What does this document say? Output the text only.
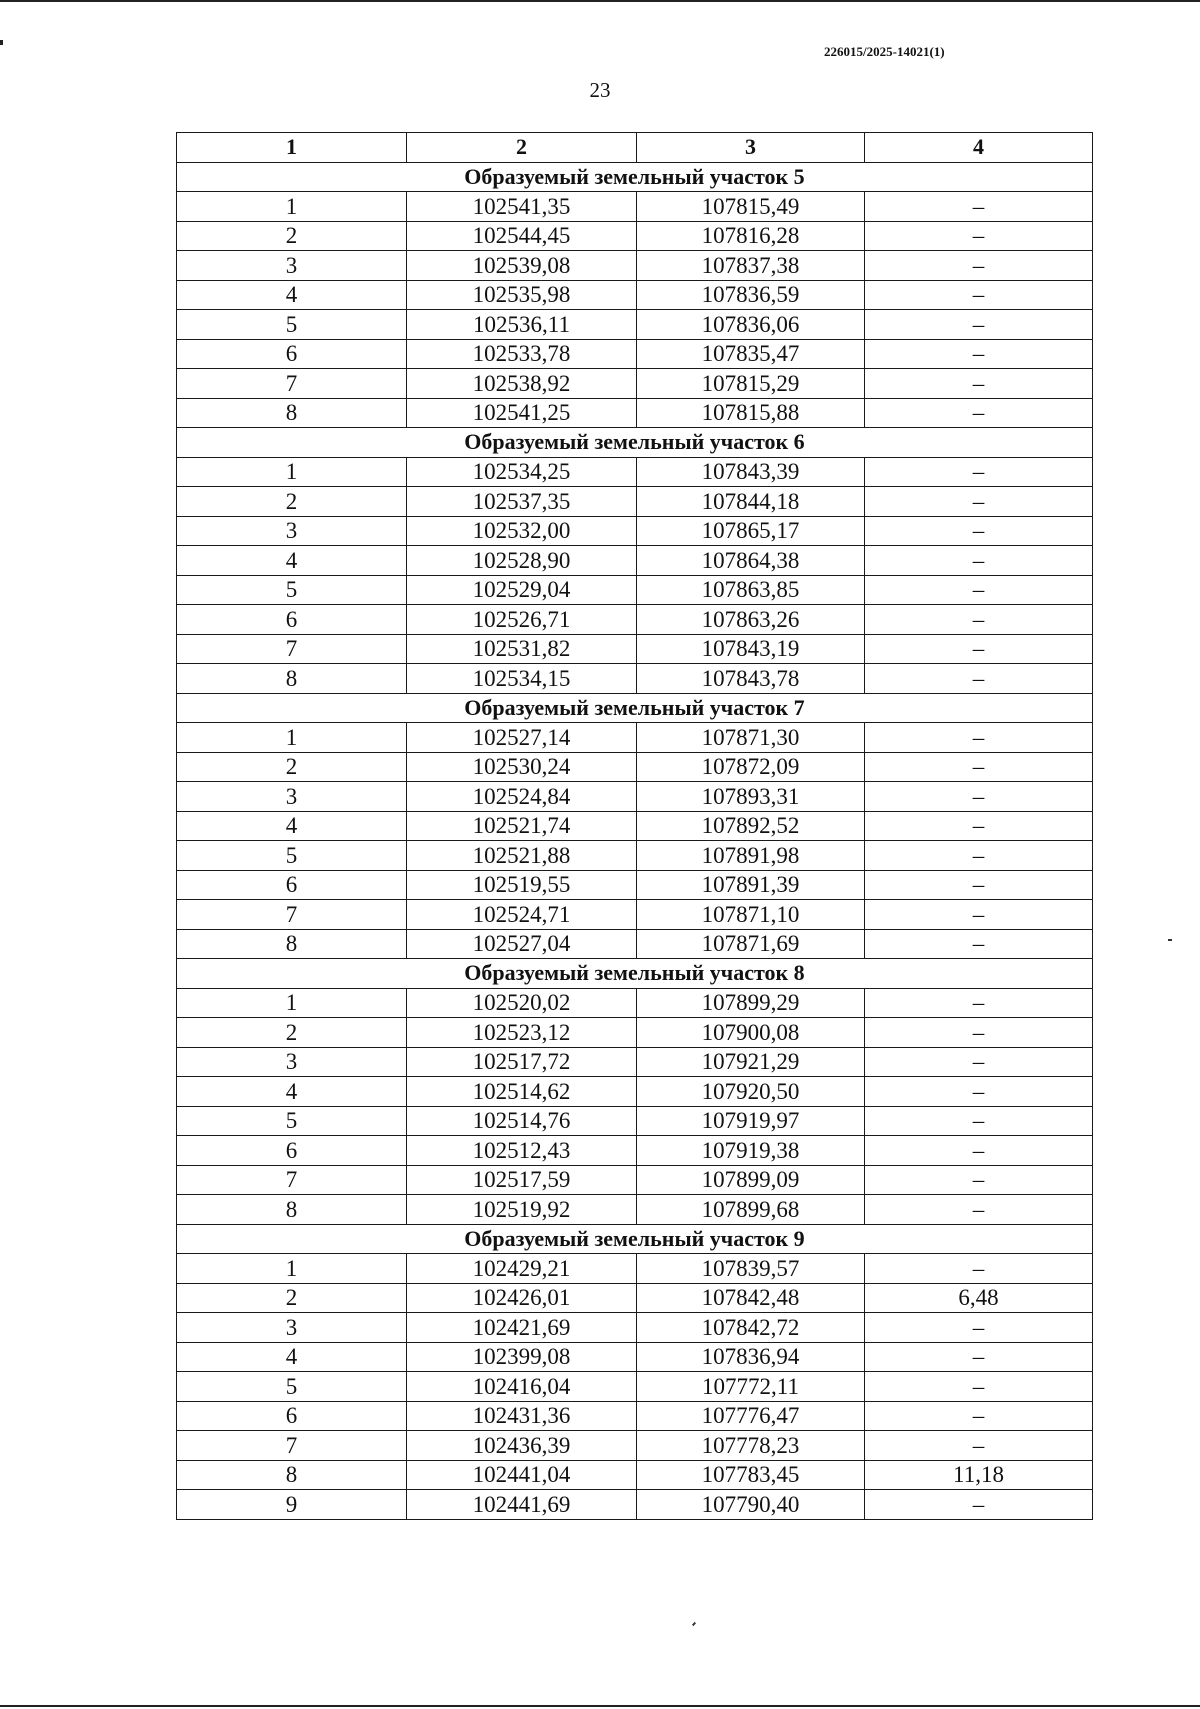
226015/2025-14021(1)
23
1	2	3	4
Образуемый земельный участок 5			
1	102541,35	107815,49	–
2	102544,45	107816,28	–
3	102539,08	107837,38	–
4	102535,98	107836,59	–
5	102536,11	107836,06	–
6	102533,78	107835,47	–
7	102538,92	107815,29	–
8	102541,25	107815,88	–
Образуемый земельный участок 6			
1	102534,25	107843,39	–
2	102537,35	107844,18	–
3	102532,00	107865,17	–
4	102528,90	107864,38	–
5	102529,04	107863,85	–
6	102526,71	107863,26	–
7	102531,82	107843,19	–
8	102534,15	107843,78	–
Образуемый земельный участок 7			
1	102527,14	107871,30	–
2	102530,24	107872,09	–
3	102524,84	107893,31	–
4	102521,74	107892,52	–
5	102521,88	107891,98	–
6	102519,55	107891,39	–
7	102524,71	107871,10	–
8	102527,04	107871,69	–
Образуемый земельный участок 8			
1	102520,02	107899,29	–
2	102523,12	107900,08	–
3	102517,72	107921,29	–
4	102514,62	107920,50	–
5	102514,76	107919,97	–
6	102512,43	107919,38	–
7	102517,59	107899,09	–
8	102519,92	107899,68	–
Образуемый земельный участок 9			
1	102429,21	107839,57	–
2	102426,01	107842,48	6,48
3	102421,69	107842,72	–
4	102399,08	107836,94	–
5	102416,04	107772,11	–
6	102431,36	107776,47	–
7	102436,39	107778,23	–
8	102441,04	107783,45	11,18
9	102441,69	107790,40	–
